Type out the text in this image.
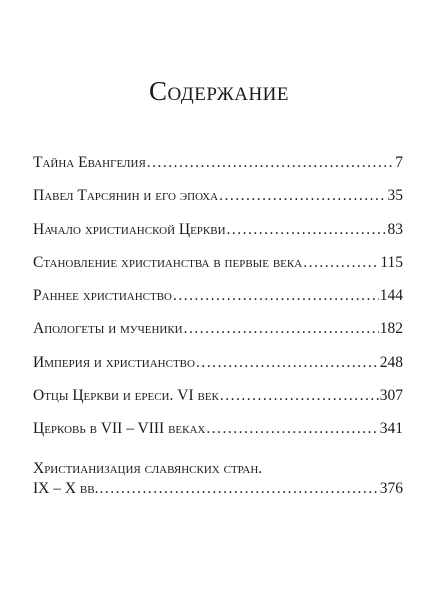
Содержание
Тайна Евангелия .....	7
Павел Тарсянин и его эпоха .....	35
Начало христианской Церкви .....	83
Становление христианства в первые века .....	115
Раннее христианство .....	144
Апологеты и мученики .....	182
Империя и христианство .....	248
Отцы Церкви и ереси. VI век .....	307
Церковь в VII – VIII веках .....	341
Христианизация славянских стран.
IX – X вв. .....	376
